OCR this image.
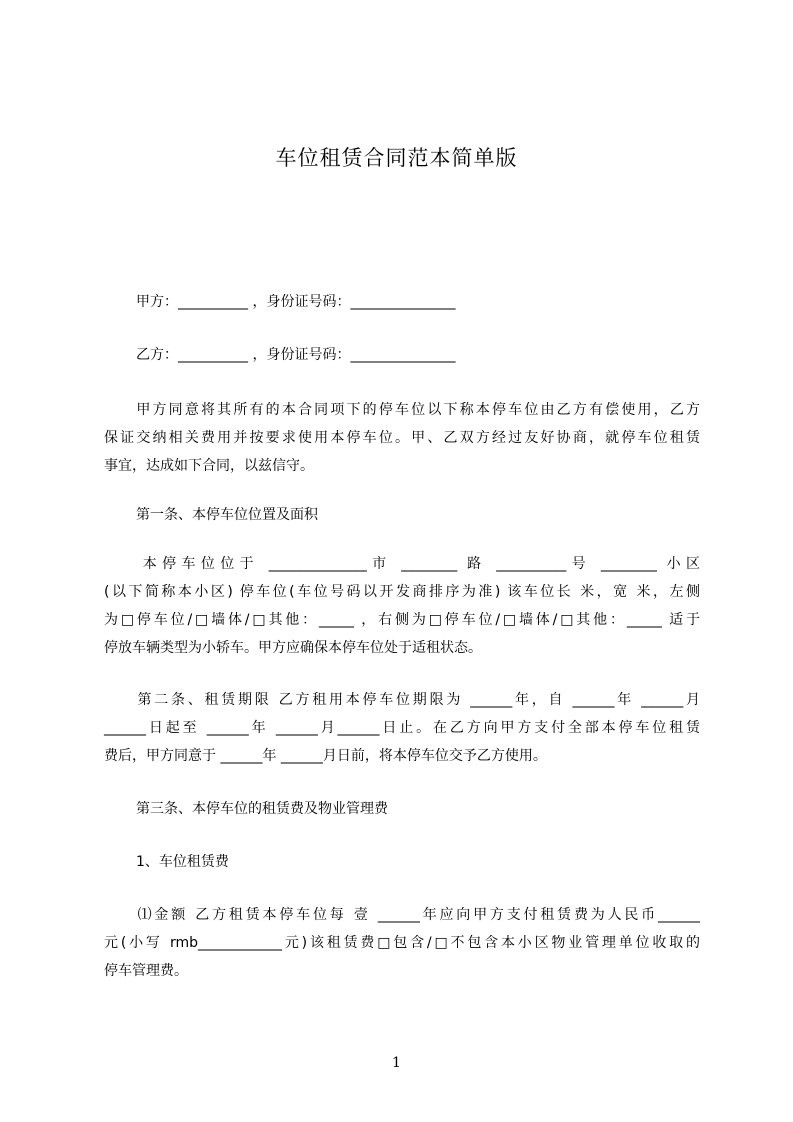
车位租赁合同范本简单版
甲方：__________ ，身份证号码：_______________
乙方：__________ ，身份证号码：_______________
　　甲方同意将其所有的本合同项下的停车位以下称本停车位由乙方有偿使用，乙方
保证交纳相关费用并按要求使用本停车位。甲、乙双方经过友好协商，就停车位租赁
事宜，达成如下合同，以兹信守。
第一条、本停车位位置及面积
　　本停车位位于 ______________市 ________ 路 __________号 ________ 小区
(以下简称本小区) 停车位(车位号码以开发商排序为准) 该车位长 米，宽 米，左侧
为□停车位/□墙体/□其他：_____ ，右侧为□停车位/□墙体/□其他：_____ 适于
停放车辆类型为小轿车。甲方应确保本停车位处于适租状态。
　　第二条、租赁期限 乙方租用本停车位期限为 ______年，自 ______年 ______月
______日起至 ______年 ______月______日止。在乙方向甲方支付全部本停车位租赁
费后，甲方同意于 ______年 ______月日前，将本停车位交予乙方使用。
第三条、本停车位的租赁费及物业管理费
1、车位租赁费
　　⑴金额 乙方租赁本停车位每 壹 ______年应向甲方支付租赁费为人民币______
元(小写 rmb____________元)该租赁费□包含/□不包含本小区物业管理单位收取的
停车管理费。
1
